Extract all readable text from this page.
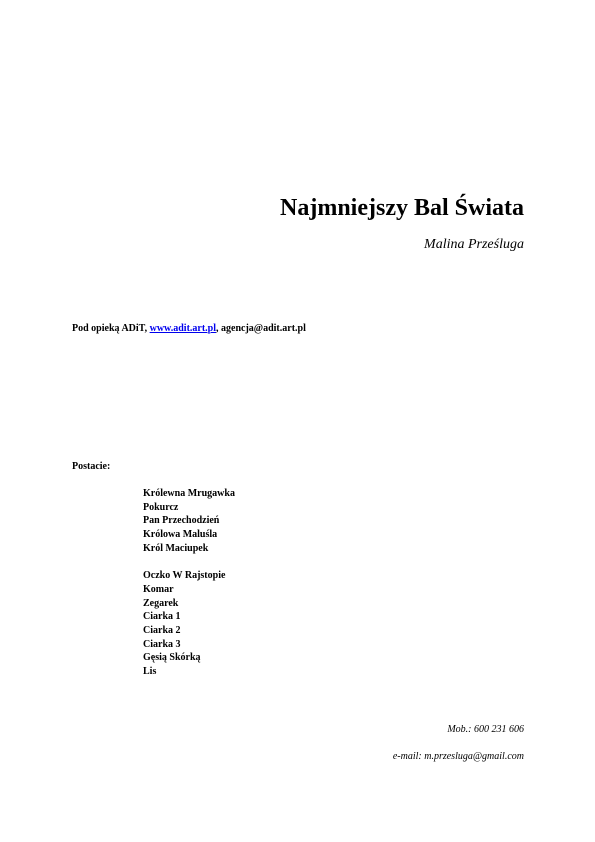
Najmniejszy Bal Świata
Malina Prześluga
Pod opieką ADiT, www.adit.art.pl, agencja@adit.art.pl
Postacie:
Królewna Mrugawka
Pokurcz
Pan Przechodzień
Królowa Maluśla
Król Maciupek
Oczko W Rajstopie
Komar
Zegarek
Ciarka 1
Ciarka 2
Ciarka 3
Gęsią Skórką
Lis
Mob.: 600 231 606
e-mail: m.przesluga@gmail.com
